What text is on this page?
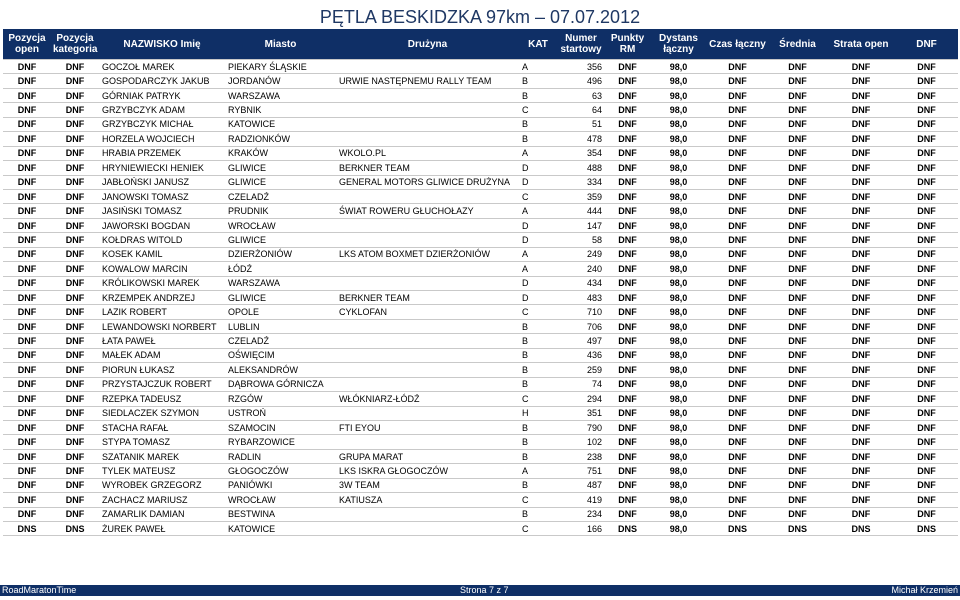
PĘTLA BESKIDZKA 97km – 07.07.2012
Pozycja open	Pozycja kategoria	NAZWISKO Imię	Miasto	Drużyna	KAT	Numer startowy	Punkty RM	Dystans łączny	Czas łączny	Średnia	Strata open	DNF
DNF	DNF	GOCZOŁ MAREK	PIEKARY ŚLĄSKIE		A	356	DNF	98,0	DNF	DNF	DNF	DNF
DNF	DNF	GOSPODARCZYK JAKUB	JORDANÓW	URWIE NASTĘPNEMU RALLY TEAM	B	496	DNF	98,0	DNF	DNF	DNF	DNF
DNF	DNF	GÓRNIAK PATRYK	WARSZAWA		B	63	DNF	98,0	DNF	DNF	DNF	DNF
DNF	DNF	GRZYBCZYK ADAM	RYBNIK		C	64	DNF	98,0	DNF	DNF	DNF	DNF
DNF	DNF	GRZYBCZYK MICHAŁ	KATOWICE		B	51	DNF	98,0	DNF	DNF	DNF	DNF
DNF	DNF	HORZELA WOJCIECH	RADZIONKÓW		B	478	DNF	98,0	DNF	DNF	DNF	DNF
DNF	DNF	HRABIA PRZEMEK	KRAKÓW	WKOLO.PL	A	354	DNF	98,0	DNF	DNF	DNF	DNF
DNF	DNF	HRYNIEWIECKI HENIEK	GLIWICE	BERKNER TEAM	D	488	DNF	98,0	DNF	DNF	DNF	DNF
DNF	DNF	JABŁOŃSKI JANUSZ	GLIWICE	GENERAL MOTORS GLIWICE DRUŻYNA	D	334	DNF	98,0	DNF	DNF	DNF	DNF
DNF	DNF	JANOWSKI TOMASZ	CZELADŹ		C	359	DNF	98,0	DNF	DNF	DNF	DNF
DNF	DNF	JASIŃSKI TOMASZ	PRUDNIK	ŚWIAT ROWERU GŁUCHOŁAZY	A	444	DNF	98,0	DNF	DNF	DNF	DNF
DNF	DNF	JAWORSKI BOGDAN	WROCŁAW		D	147	DNF	98,0	DNF	DNF	DNF	DNF
DNF	DNF	KOŁDRAS WITOLD	GLIWICE		D	58	DNF	98,0	DNF	DNF	DNF	DNF
DNF	DNF	KOSEK KAMIL	DZIERŻONIÓW	LKS ATOM BOXMET DZIERŻONIÓW	A	249	DNF	98,0	DNF	DNF	DNF	DNF
DNF	DNF	KOWALOW MARCIN	ŁÓDŹ		A	240	DNF	98,0	DNF	DNF	DNF	DNF
DNF	DNF	KRÓLIKOWSKI MAREK	WARSZAWA		D	434	DNF	98,0	DNF	DNF	DNF	DNF
DNF	DNF	KRZEMPEK ANDRZEJ	GLIWICE	BERKNER TEAM	D	483	DNF	98,0	DNF	DNF	DNF	DNF
DNF	DNF	LAZIK ROBERT	OPOLE	CYKLOFAN	C	710	DNF	98,0	DNF	DNF	DNF	DNF
DNF	DNF	LEWANDOWSKI NORBERT	LUBLIN		B	706	DNF	98,0	DNF	DNF	DNF	DNF
DNF	DNF	ŁATA PAWEŁ	CZELADŹ		B	497	DNF	98,0	DNF	DNF	DNF	DNF
DNF	DNF	MAŁEK ADAM	OŚWIĘCIM		B	436	DNF	98,0	DNF	DNF	DNF	DNF
DNF	DNF	PIORUN ŁUKASZ	ALEKSANDRÓW		B	259	DNF	98,0	DNF	DNF	DNF	DNF
DNF	DNF	PRZYSTAJCZUK ROBERT	DĄBROWA GÓRNICZA		B	74	DNF	98,0	DNF	DNF	DNF	DNF
DNF	DNF	RZEPKA TADEUSZ	RZGÓW	WŁÓKNIARZ-ŁÓDŹ	C	294	DNF	98,0	DNF	DNF	DNF	DNF
DNF	DNF	SIEDLACZEK SZYMON	USTROŃ		H	351	DNF	98,0	DNF	DNF	DNF	DNF
DNF	DNF	STACHA RAFAŁ	SZAMOCIN	FTI EYOU	B	790	DNF	98,0	DNF	DNF	DNF	DNF
DNF	DNF	STYPA TOMASZ	RYBARZOWICE		B	102	DNF	98,0	DNF	DNF	DNF	DNF
DNF	DNF	SZATANIK MAREK	RADLIN	GRUPA MARAT	B	238	DNF	98,0	DNF	DNF	DNF	DNF
DNF	DNF	TYLEK MATEUSZ	GŁOGOCZÓW	LKS ISKRA GŁOGOCZÓW	A	751	DNF	98,0	DNF	DNF	DNF	DNF
DNF	DNF	WYROBEK GRZEGORZ	PANIÓWKI	3W TEAM	B	487	DNF	98,0	DNF	DNF	DNF	DNF
DNF	DNF	ZACHACZ MARIUSZ	WROCŁAW	KATIUSZA	C	419	DNF	98,0	DNF	DNF	DNF	DNF
DNF	DNF	ZAMARLIK DAMIAN	BESTWINA		B	234	DNF	98,0	DNF	DNF	DNF	DNF
DNS	DNS	ŻUREK PAWEŁ	KATOWICE		C	166	DNS	98,0	DNS	DNS	DNS	DNS
RoadMaratonTime	Strona 7 z 7	Michał Krzemień
